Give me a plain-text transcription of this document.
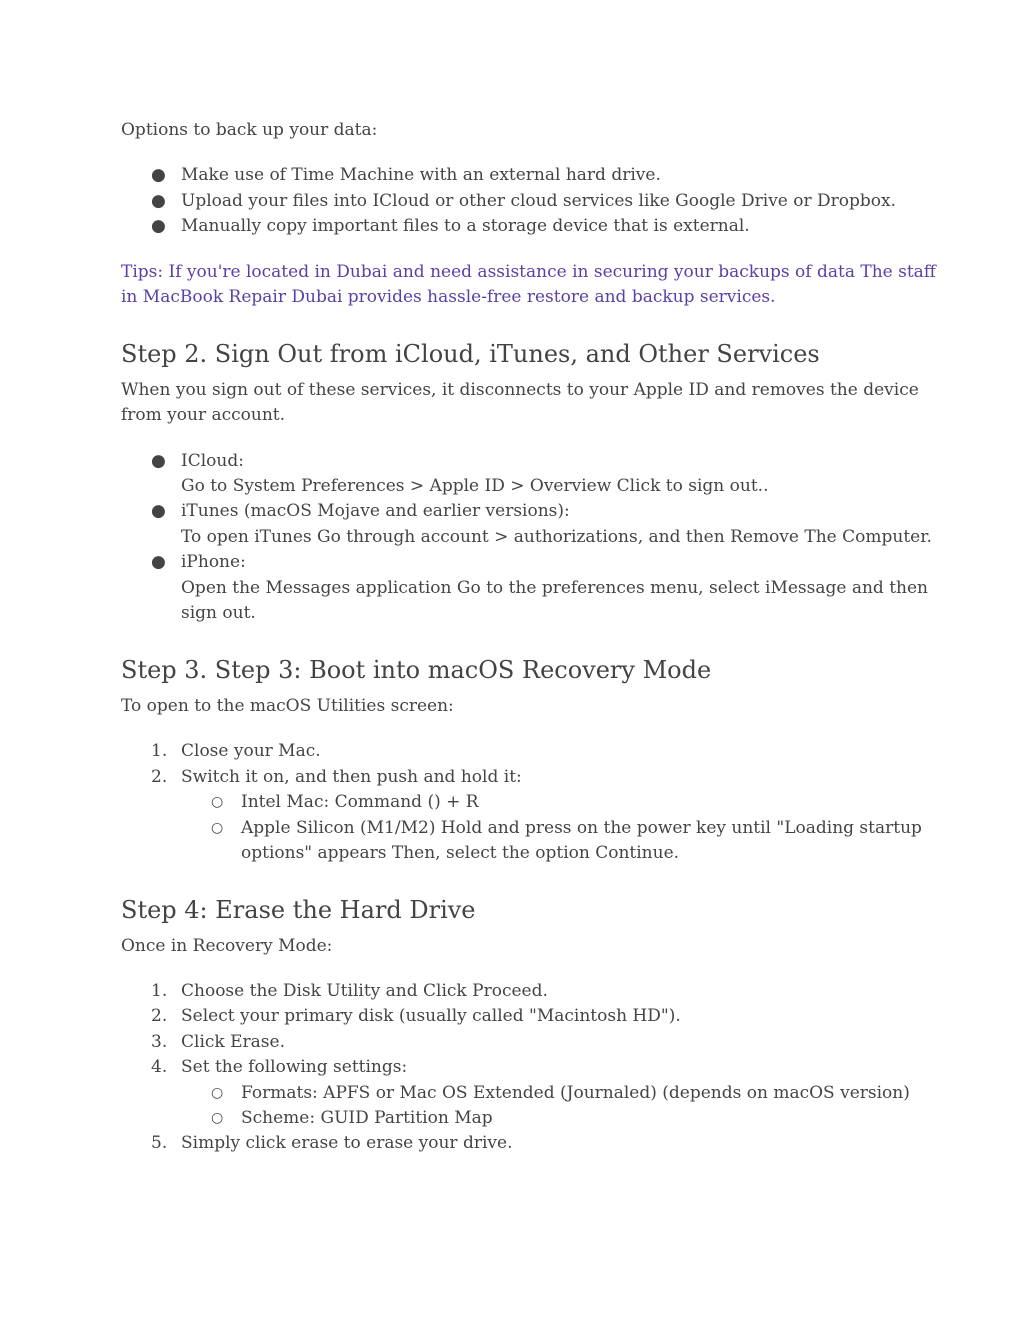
Options to back up your data:

● Make use of Time Machine with an external hard drive.

● Upload your files into ICloud or other cloud services like Google Drive or Dropbox.

● Manually copy important files to a storage device that is external.

Tips: If you're located in Dubai and need assistance in securing your backups of data The staff

in MacBook Repair Dubai provides hassle-free restore and backup services.

Step 2. Sign Out from iCloud, iTunes, and Other Services

When you sign out of these services, it disconnects to your Apple ID and removes the device

from your account.

● ICloud:

Go to System Preferences > Apple ID > Overview Click to sign out..

● iTunes (macOS Mojave and earlier versions):

To open iTunes Go through account > authorizations, and then Remove The Computer.

● iPhone:

Open the Messages application Go to the preferences menu, select iMessage and then

sign out.

Step 3. Step 3: Boot into macOS Recovery Mode

To open to the macOS Utilities screen:

1. Close your Mac.

2. Switch it on, and then push and hold it:

○	Intel Mac: Command () + R

○	Apple Silicon (M1/M2) Hold and press on the power key until "Loading startup

options" appears Then, select the option Continue.

Step 4: Erase the Hard Drive

Once in Recovery Mode:

1. Choose the Disk Utility and Click Proceed.

2. Select your primary disk (usually called "Macintosh HD").

3. Click Erase.

4. Set the following settings:

○	Formats: APFS or Mac OS Extended (Journaled) (depends on macOS version)

○	Scheme: GUID Partition Map

5. Simply click erase to erase your drive.
